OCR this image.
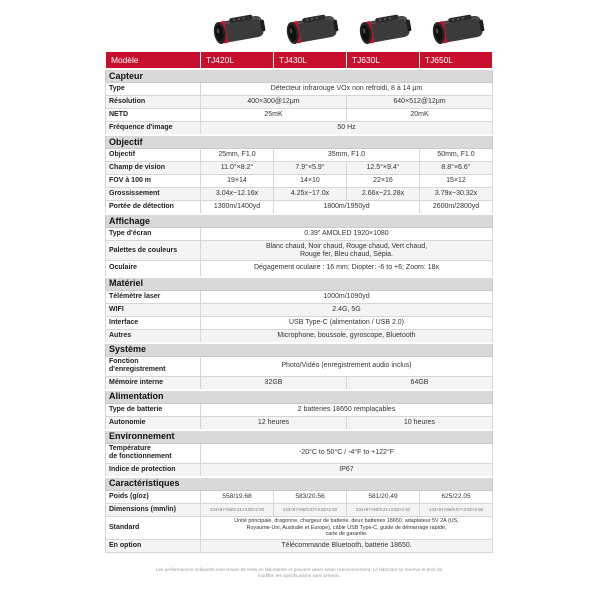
Modèle	TJ420L	TJ430L	TJ630L	TJ650L
Capteur				
Type	Détecteur infrarouge VOx non refroidi, 8 à 14 μm			
Résolution	400×300@12μm		640×512@12μm	
NETD	25mK		20mK	
Fréquence d'image	50 Hz			
Objectif				
Objectif	25mm, F1.0	35mm, F1.0		50mm, F1.0
Champ de vision	11.0°×8.2°	7.9°×5.9°	12.5°×9.4°	8.8°×6.6°
FOV à 100 m	19×14	14×10	22×16	15×12
Grossissement	3.04x~12.16x	4.25x~17.0x	2.66x~21.28x	3.79x~30.32x
Portée de détection	1300m/1400yd	1800m/1950yd		2600m/2800yd
Affichage				
Type d'écran	0.39" AMOLED 1920×1080			
Palettes de couleurs	Blanc chaud, Noir chaud, Rouge chaud, Vert chaud,
Rouge fer, Bleu chaud, Sépia.			
Oculaire	Dégagement oculaire : 16 mm; Diopter: -6 to +6; Zoom: 18x			
Matériel				
Télémètre laser	1000m/1090yd			
WIFI	2.4G, 5G			
Interface	USB Type-C (alimentation / USB 2.0)			
Autres	Microphone, boussole, gyroscope, Bluetooth			
Système				
Fonction
d'enregistrement	Photo/Vidéo (enregistrement audio inclus)			
Mémoire interne	32GB		64GB	
Alimentation				
Type de batterie	2 batteries 18650 remplaçables			
Autonomie	12 heures		10 heures	
Environnement				
Température
de fonctionnement	-20°C to 50°C / -4°F to +122°F			
Indice de protection	IP67			
Caractéristiques				
Poids (g/oz)	558/19.68	583/20.56	581/20.49	625/22.05
Dimensions (mm/in)	234×97×66/9.21×3.82×2.60	243×97×66/9.57×3.82×2.60	234×97×66/9.21×3.82×2.60	243×97×66/9.57×3.82×2.60
Standard	Unité principale, dragonne, chargeur de batterie, deux batteries 18650, adaptateur 5V 2A (US,
Royaume-Uni, Australie et Europe), câble USB Type-C, guide de démarrage rapide,
carte de garantie.			
En option	Télécommande Bluetooth, batterie 18650.			
Les performances indiquées sont issues de tests en laboratoire et peuvent varier selon l'environnement. Le fabricant se réserve le droit de
modifier les spécifications sans préavis.
